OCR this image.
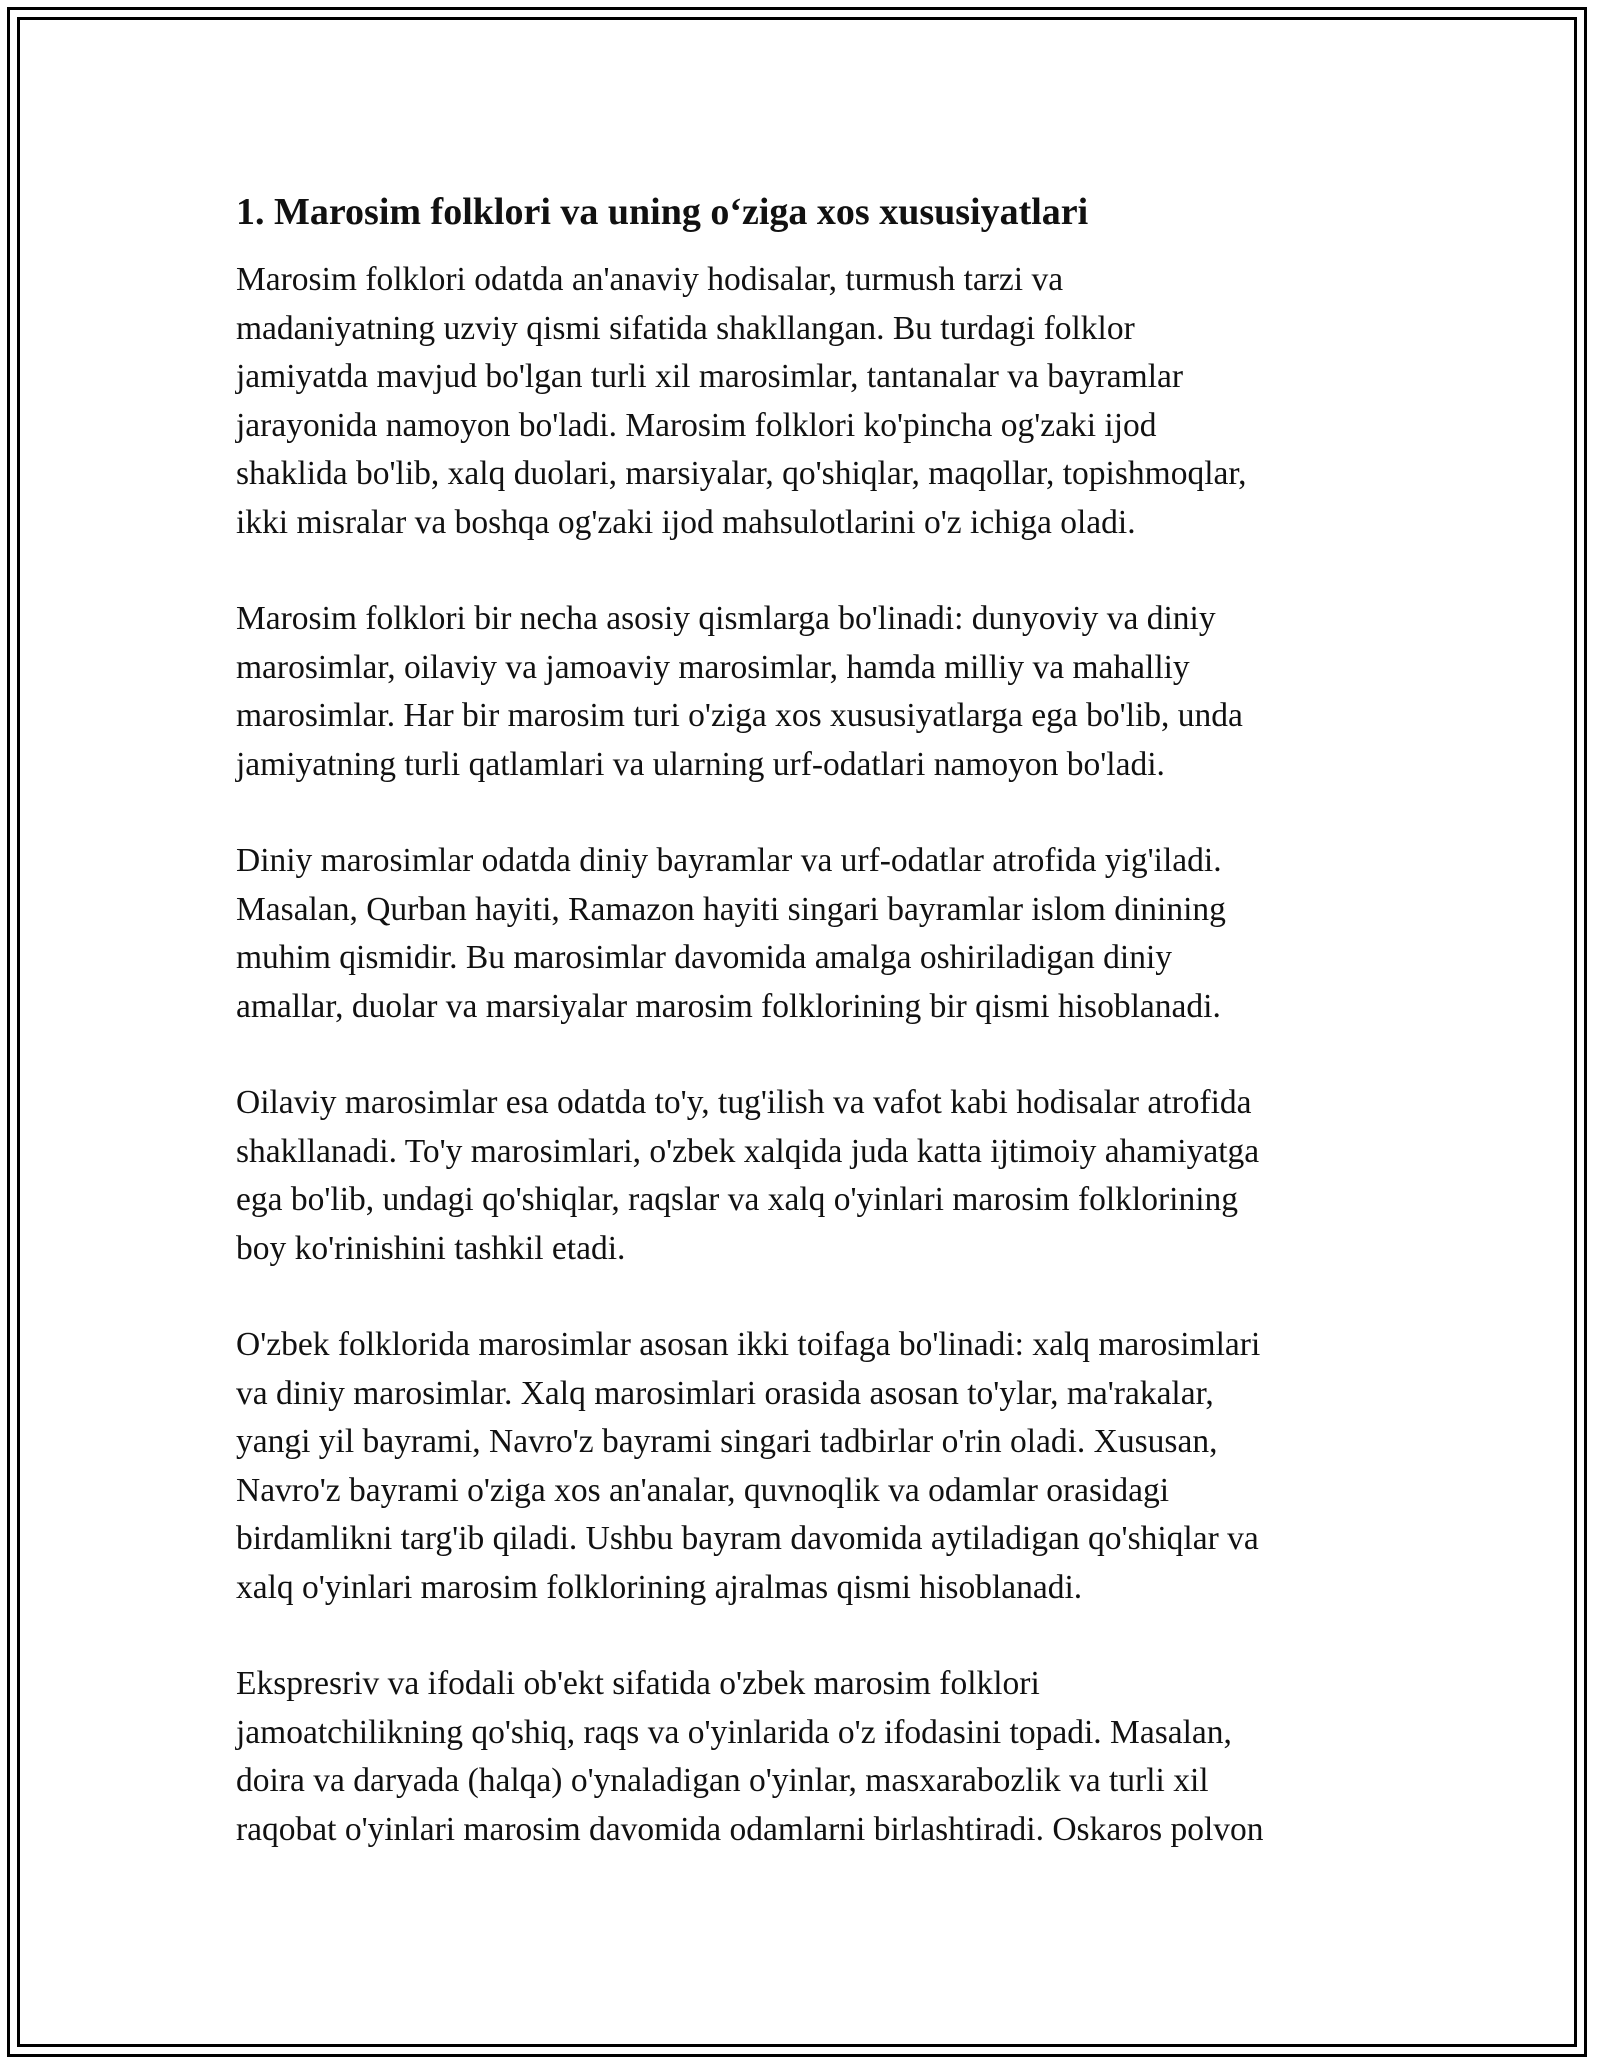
1. Marosim folklori va uning o‘ziga xos xususiyatlari

Marosim folklori odatda an'anaviy hodisalar, turmush tarzi va
madaniyatning uzviy qismi sifatida shakllangan. Bu turdagi folklor
jamiyatda mavjud bo'lgan turli xil marosimlar, tantanalar va bayramlar
jarayonida namoyon bo'ladi. Marosim folklori ko'pincha og'zaki ijod
shaklida bo'lib, xalq duolari, marsiyalar, qo'shiqlar, maqollar, topishmoqlar,
ikki misralar va boshqa og'zaki ijod mahsulotlarini o'z ichiga oladi.

Marosim folklori bir necha asosiy qismlarga bo'linadi: dunyoviy va diniy
marosimlar, oilaviy va jamoaviy marosimlar, hamda milliy va mahalliy
marosimlar. Har bir marosim turi o'ziga xos xususiyatlarga ega bo'lib, unda
jamiyatning turli qatlamlari va ularning urf-odatlari namoyon bo'ladi.

Diniy marosimlar odatda diniy bayramlar va urf-odatlar atrofida yig'iladi.
Masalan, Qurban hayiti, Ramazon hayiti singari bayramlar islom dinining
muhim qismidir. Bu marosimlar davomida amalga oshiriladigan diniy
amallar, duolar va marsiyalar marosim folklorining bir qismi hisoblanadi.

Oilaviy marosimlar esa odatda to'y, tug'ilish va vafot kabi hodisalar atrofida
shakllanadi. To'y marosimlari, o'zbek xalqida juda katta ijtimoiy ahamiyatga
ega bo'lib, undagi qo'shiqlar, raqslar va xalq o'yinlari marosim folklorining
boy ko'rinishini tashkil etadi.

O'zbek folklorida marosimlar asosan ikki toifaga bo'linadi: xalq marosimlari
va diniy marosimlar. Xalq marosimlari orasida asosan to'ylar, ma'rakalar,
yangi yil bayrami, Navro'z bayrami singari tadbirlar o'rin oladi. Xususan,
Navro'z bayrami o'ziga xos an'analar, quvnoqlik va odamlar orasidagi
birdamlikni targ'ib qiladi. Ushbu bayram davomida aytiladigan qo'shiqlar va
xalq o'yinlari marosim folklorining ajralmas qismi hisoblanadi.

Ekspresriv va ifodali ob'ekt sifatida o'zbek marosim folklori
jamoatchilikning qo'shiq, raqs va o'yinlarida o'z ifodasini topadi. Masalan,
doira va daryada (halqa) o'ynaladigan o'yinlar, masxarabozlik va turli xil
raqobat o'yinlari marosim davomida odamlarni birlashtiradi. Oskaros polvon
